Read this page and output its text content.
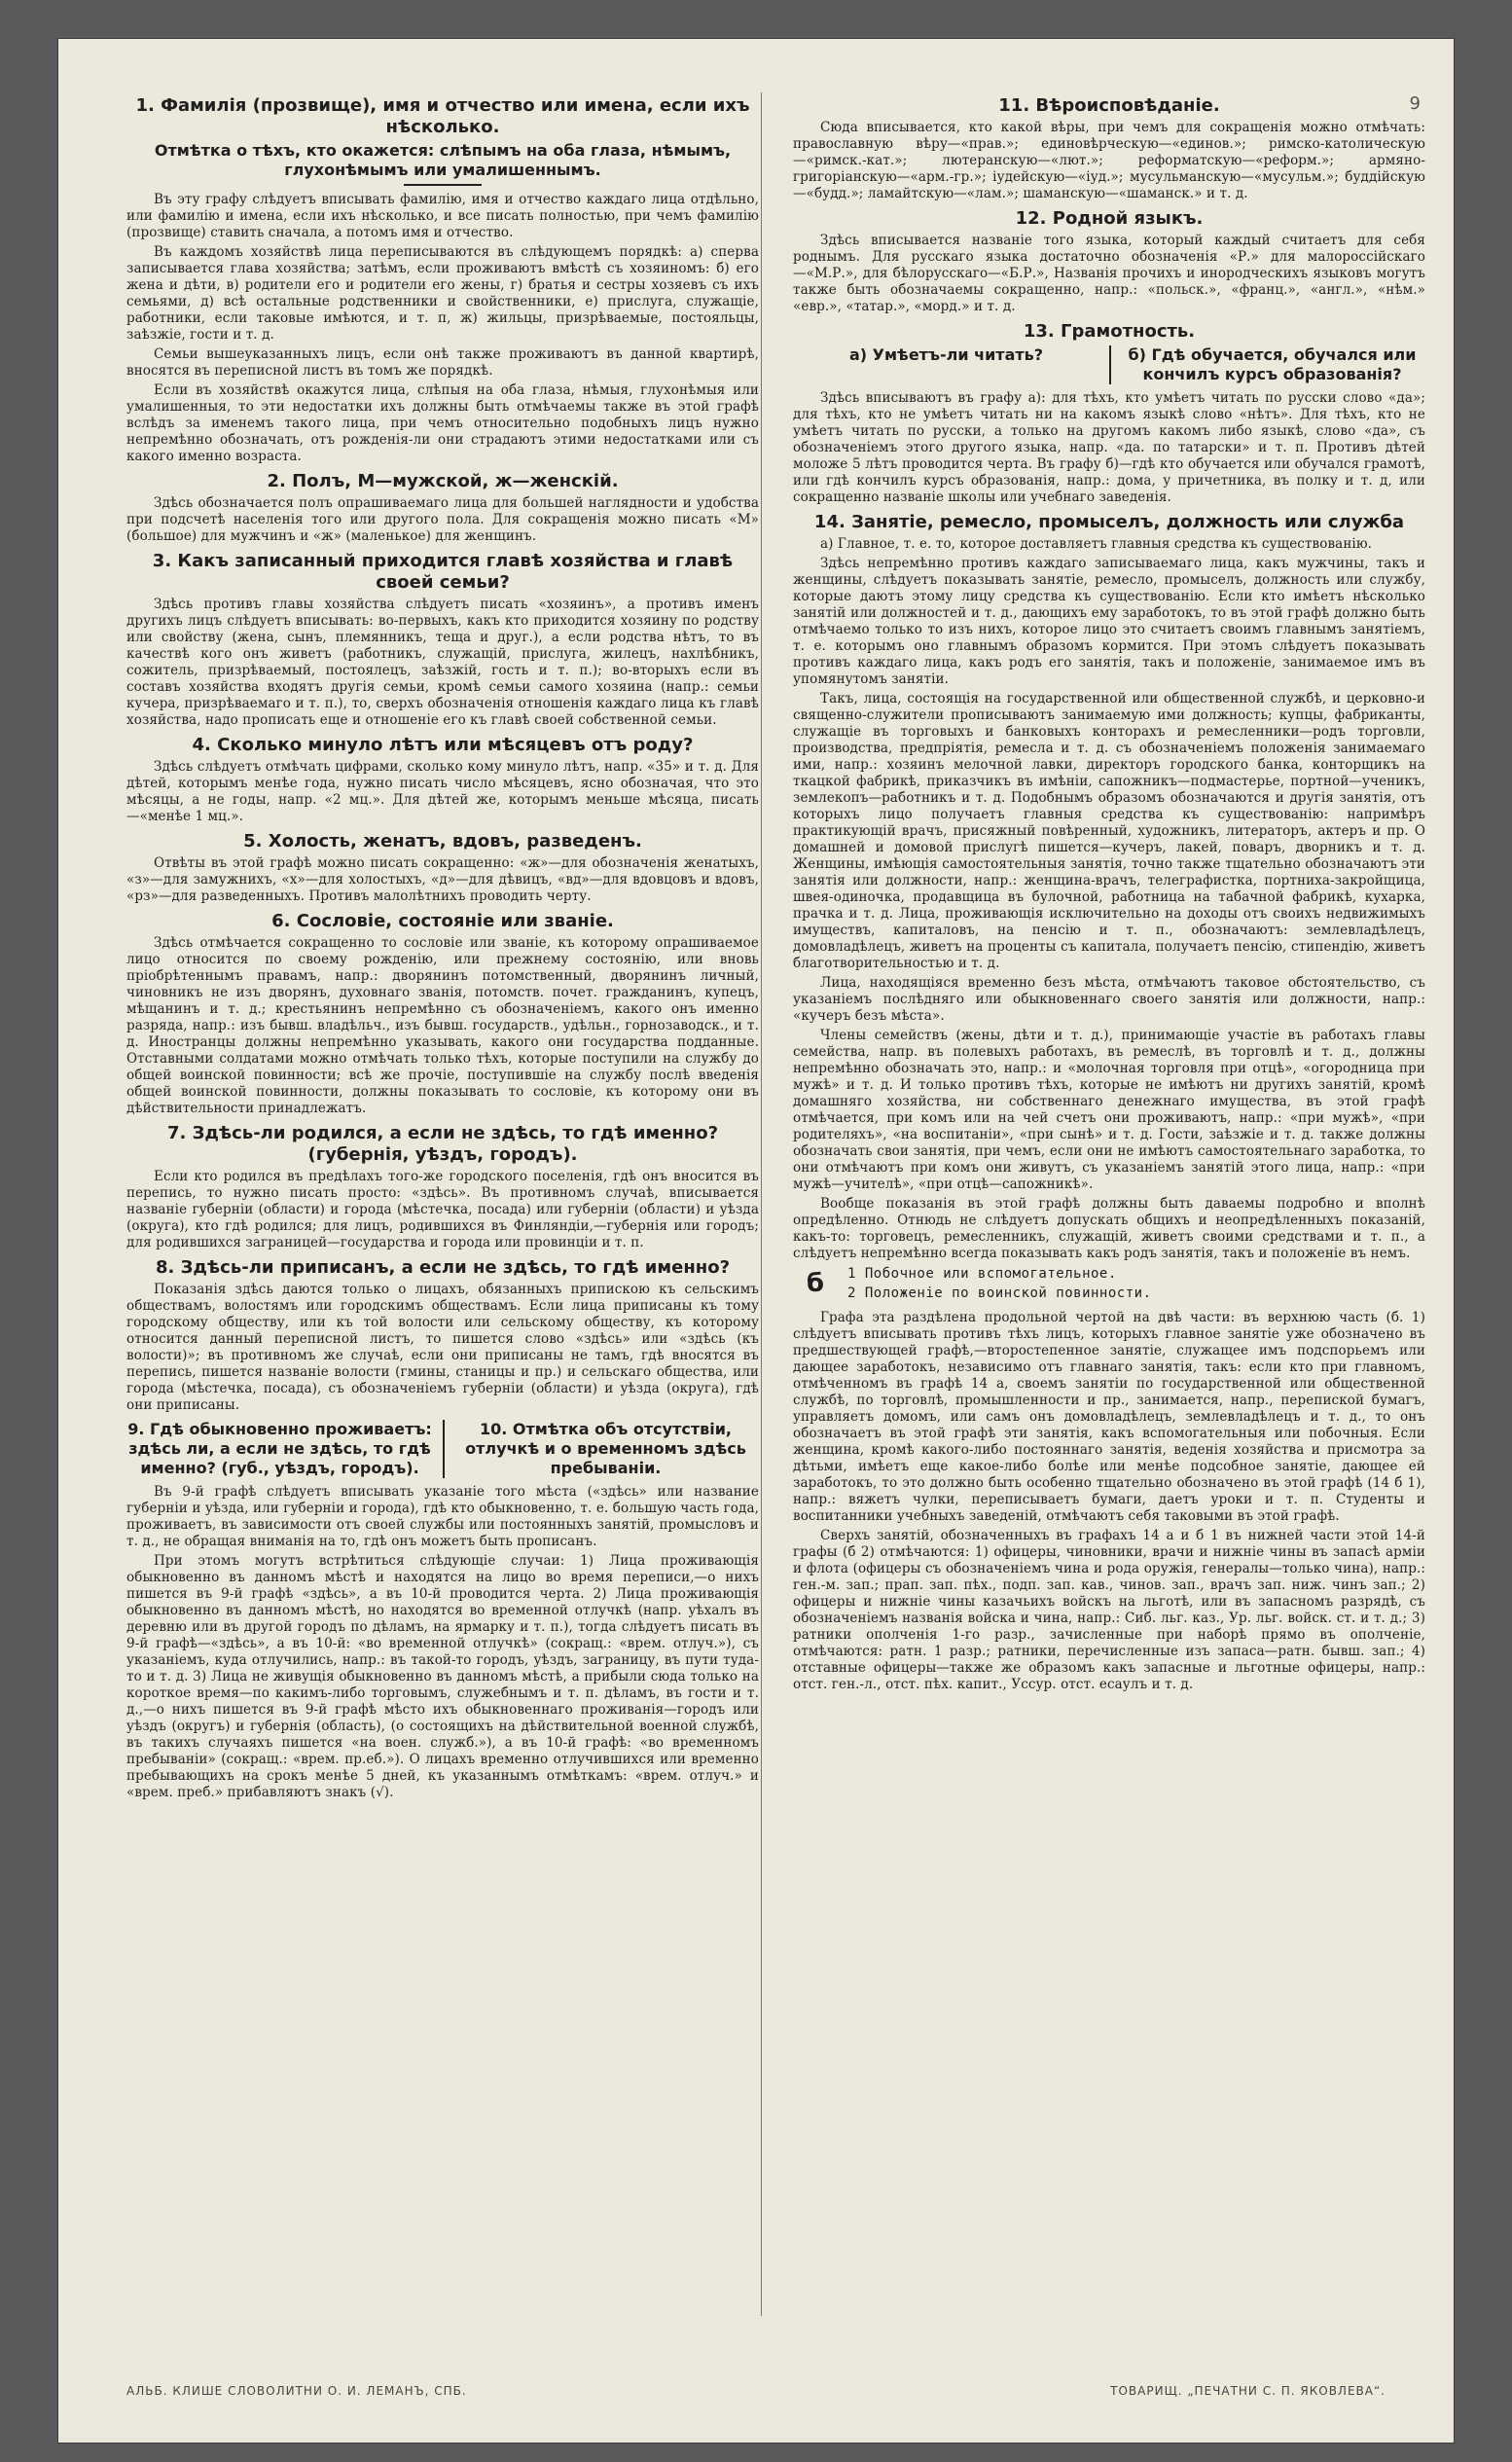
9
1. Фамилія (прозвище), имя и отчество или имена, если ихъ нѣсколько.
Отмѣтка о тѣхъ, кто окажется: слѣпымъ на оба глаза, нѣмымъ, глухонѣмымъ или умалишеннымъ.
Въ эту графу слѣдуетъ вписывать фамилію, имя и отчество каждаго лица отдѣльно, или фамилію и имена, если ихъ нѣсколько, и все писать полностью, при чемъ фамилію (прозвище) ставить сначала, а потомъ имя и отчество.
Въ каждомъ хозяйствѣ лица переписываются въ слѣдующемъ порядкѣ: а) сперва записывается глава хозяйства; затѣмъ, если проживаютъ вмѣстѣ съ хозяиномъ: б) его жена и дѣти, в) родители его и родители его жены, г) братья и сестры хозяевъ съ ихъ семьями, д) всѣ остальные родственники и свойственники, е) прислуга, служащіе, работники, если таковые имѣются, и т. п, ж) жильцы, призрѣваемые, постояльцы, заѣзжіе, гости и т. д.
Семьи вышеуказанныхъ лицъ, если онѣ также проживаютъ въ данной квартирѣ, вносятся въ переписной листъ въ томъ же порядкѣ.
Если въ хозяйствѣ окажутся лица, слѣпыя на оба глаза, нѣмыя, глухонѣмыя или умалишенныя, то эти недостатки ихъ должны быть отмѣчаемы также въ этой графѣ вслѣдъ за именемъ такого лица, при чемъ относительно подобныхъ лицъ нужно непремѣнно обозначать, отъ рожденія-ли они страдаютъ этими недостатками или съ какого именно возраста.
2. Полъ, М—мужской, ж—женскій.
Здѣсь обозначается полъ опрашиваемаго лица для большей наглядности и удобства при подсчетѣ населенія того или другого пола. Для сокращенія можно писать «М» (большое) для мужчинъ и «ж» (маленькое) для женщинъ.
3. Какъ записанный приходится главѣ хозяйства и главѣ своей семьи?
Здѣсь противъ главы хозяйства слѣдуетъ писать «хозяинъ», а противъ именъ другихъ лицъ слѣдуетъ вписывать: во-первыхъ, какъ кто приходится хозяину по родству или свойству (жена, сынъ, племянникъ, теща и друг.), а если родства нѣтъ, то въ качествѣ кого онъ живетъ (работникъ, служащій, прислуга, жилецъ, нахлѣбникъ, сожитель, призрѣваемый, постоялецъ, заѣзжій, гость и т. п.); во-вторыхъ если въ составъ хозяйства входятъ другія семьи, кромѣ семьи самого хозяина (напр.: семьи кучера, призрѣваемаго и т. п.), то, сверхъ обозначенія отношенія каждаго лица къ главѣ хозяйства, надо прописать еще и отношеніе его къ главѣ своей собственной семьи.
4. Сколько минуло лѣтъ или мѣсяцевъ отъ роду?
Здѣсь слѣдуетъ отмѣчать цифрами, сколько кому минуло лѣтъ, напр. «35» и т. д. Для дѣтей, которымъ менѣе года, нужно писать число мѣсяцевъ, ясно обозначая, что это мѣсяцы, а не годы, напр. «2 мц.». Для дѣтей же, которымъ меньше мѣсяца, писать—«менѣе 1 мц.».
5. Холость, женатъ, вдовъ, разведенъ.
Отвѣты въ этой графѣ можно писать сокращенно: «ж»—для обозначенія женатыхъ, «з»—для замужнихъ, «х»—для холостыхъ, «д»—для дѣвицъ, «вд»—для вдовцовъ и вдовъ, «рз»—для разведенныхъ. Противъ малолѣтнихъ проводить черту.
6. Сословіе, состояніе или званіе.
Здѣсь отмѣчается сокращенно то сословіе или званіе, къ которому опрашиваемое лицо относится по своему рожденію, или прежнему состоянію, или вновь пріобрѣтеннымъ правамъ, напр.: дворянинъ потомственный, дворянинъ личный, чиновникъ не изъ дворянъ, духовнаго званія, потомств. почет. гражданинъ, купецъ, мѣщанинъ и т. д.; крестьянинъ непремѣнно съ обозначеніемъ, какого онъ именно разряда, напр.: изъ бывш. владѣльч., изъ бывш. государств., удѣльн., горнозаводск., и т. д. Иностранцы должны непремѣнно указывать, какого они государства подданные. Отставными солдатами можно отмѣчать только тѣхъ, которые поступили на службу до общей воинской повинности; всѣ же прочіе, поступившіе на службу послѣ введенія общей воинской повинности, должны показывать то сословіе, къ которому они въ дѣйствительности принадлежатъ.
7. Здѣсь-ли родился, а если не здѣсь, то гдѣ именно? (губернія, уѣздъ, городъ).
Если кто родился въ предѣлахъ того-же городского поселенія, гдѣ онъ вносится въ перепись, то нужно писать просто: «здѣсь». Въ противномъ случаѣ, вписывается названіе губерніи (области) и города (мѣстечка, посада) или губерніи (области) и уѣзда (округа), кто гдѣ родился; для лицъ, родившихся въ Финляндіи,—губернія или городъ; для родившихся заграницей—государства и города или провинціи и т. п.
8. Здѣсь-ли приписанъ, а если не здѣсь, то гдѣ именно?
Показанія здѣсь даются только о лицахъ, обязанныхъ припискою къ сельскимъ обществамъ, волостямъ или городскимъ обществамъ. Если лица приписаны къ тому городскому обществу, или къ той волости или сельскому обществу, къ которому относится данный переписной листъ, то пишется слово «здѣсь» или «здѣсь (къ волости)»; въ противномъ же случаѣ, если они приписаны не тамъ, гдѣ вносятся въ перепись, пишется названіе волости (гмины, станицы и пр.) и сельскаго общества, или города (мѣстечка, посада), съ обозначеніемъ губерніи (области) и уѣзда (округа), гдѣ они приписаны.
9. Гдѣ обыкновенно проживаетъ: здѣсь ли, а если не здѣсь, то гдѣ именно? (губ., уѣздъ, городъ).
10. Отмѣтка объ отсутствіи, отлучкѣ и о временномъ здѣсь пребываніи.
Въ 9-й графѣ слѣдуетъ вписывать указаніе того мѣста («здѣсь» или название губерніи и уѣзда, или губерніи и города), гдѣ кто обыкновенно, т. е. большую часть года, проживаетъ, въ зависимости отъ своей службы или постоянныхъ занятій, промысловъ и т. д., не обращая вниманія на то, гдѣ онъ можетъ быть прописанъ.
При этомъ могутъ встрѣтиться слѣдующіе случаи: 1) Лица проживающія обыкновенно въ данномъ мѣстѣ и находятся на лицо во время переписи,—о нихъ пишется въ 9-й графѣ «здѣсь», а въ 10-й проводится черта. 2) Лица проживающія обыкновенно въ данномъ мѣстѣ, но находятся во временной отлучкѣ (напр. уѣхалъ въ деревню или въ другой городъ по дѣламъ, на ярмарку и т. п.), тогда слѣдуетъ писать въ 9-й графѣ—«здѣсь», а въ 10-й: «во временной отлучкѣ» (сокращ.: «врем. отлуч.»), съ указаніемъ, куда отлучились, напр.: въ такой-то городъ, уѣздъ, заграницу, въ пути туда-то и т. д. 3) Лица не живущія обыкновенно въ данномъ мѣстѣ, а прибыли сюда только на короткое время—по какимъ-либо торговымъ, служебнымъ и т. п. дѣламъ, въ гости и т. д.,—о нихъ пишется въ 9-й графѣ мѣсто ихъ обыкновеннаго проживанія—городъ или уѣздъ (округъ) и губернія (область), (о состоящихъ на дѣйствительной военной службѣ, въ такихъ случаяхъ пишется «на воен. служб.»), а въ 10-й графѣ: «во временномъ пребываніи» (сокращ.: «врем. пр.еб.»). О лицахъ временно отлучившихся или временно пребывающихъ на срокъ менѣе 5 дней, къ указаннымъ отмѣткамъ: «врем. отлуч.» и «врем. преб.» прибавляютъ знакъ (√).
11. Вѣроисповѣданіе.
Сюда вписывается, кто какой вѣры, при чемъ для сокращенія можно отмѣчать: православную вѣру—«прав.»; единовѣрческую—«единов.»; римско-католическую—«римск.-кат.»; лютеранскую—«лют.»; реформатскую—«реформ.»; армяно-григоріанскую—«арм.-гр.»; іудейскую—«іуд.»; мусульманскую—«мусульм.»; буддійскую—«будд.»; ламайтскую—«лам.»; шаманскую—«шаманск.» и т. д.
12. Родной языкъ.
Здѣсь вписывается названіе того языка, который каждый считаетъ для себя роднымъ. Для русскаго языка достаточно обозначенія «Р.» для малороссійскаго—«М.Р.», для бѣлорусскаго—«Б.Р.», Названія прочихъ и инородческихъ языковъ могутъ также быть обозначаемы сокращенно, напр.: «польск.», «франц.», «англ.», «нѣм.» «евр.», «татар.», «морд.» и т. д.
13. Грамотность.
а) Умѣетъ-ли читать?	б) Гдѣ обучается, обучался или кончилъ курсъ образованія?
Здѣсь вписываютъ въ графу а): для тѣхъ, кто умѣетъ читать по русски слово «да»; для тѣхъ, кто не умѣетъ читать ни на какомъ языкѣ слово «нѣтъ». Для тѣхъ, кто не умѣетъ читать по русски, а только на другомъ какомъ либо языкѣ, слово «да», съ обозначеніемъ этого другого языка, напр. «да. по татарски» и т. п. Противъ дѣтей моложе 5 лѣтъ проводится черта. Въ графу б)—гдѣ кто обучается или обучался грамотѣ, или гдѣ кончилъ курсъ образованія, напр.: дома, у причетника, въ полку и т. д, или сокращенно названіе школы или учебнаго заведенія.
14. Занятіе, ремесло, промыселъ, должность или служба
а) Главное, т. е. то, которое доставляетъ главныя средства къ существованію.
Здѣсь непремѣнно противъ каждаго записываемаго лица, какъ мужчины, такъ и женщины, слѣдуетъ показывать занятіе, ремесло, промыселъ, должность или службу, которые даютъ этому лицу средства къ существованію. Если кто имѣетъ нѣсколько занятій или должностей и т. д., дающихъ ему заработокъ, то въ этой графѣ должно быть отмѣчаемо только то изъ нихъ, которое лицо это считаетъ своимъ главнымъ занятіемъ, т. е. которымъ оно главнымъ образомъ кормится. При этомъ слѣдуетъ показывать противъ каждаго лица, какъ родъ его занятія, такъ и положеніе, занимаемое имъ въ упомянутомъ занятіи.
Такъ, лица, состоящія на государственной или общественной службѣ, и церковно-и священно-служители прописываютъ занимаемую ими должность; купцы, фабриканты, служащіе въ торговыхъ и банковыхъ конторахъ и ремесленники—родъ торговли, производства, предпріятія, ремесла и т. д. съ обозначеніемъ положенія занимаемаго ими, напр.: хозяинъ мелочной лавки, директоръ городского банка, конторщикъ на ткацкой фабрикѣ, приказчикъ въ имѣніи, сапожникъ—подмастерье, портной—ученикъ, землекопъ—работникъ и т. д. Подобнымъ образомъ обозначаются и другія занятія, отъ которыхъ лицо получаетъ главныя средства къ существованію: напримѣръ практикующій врачъ, присяжный повѣренный, художникъ, литераторъ, актеръ и пр. О домашней и домовой прислугѣ пишется—кучеръ, лакей, поваръ, дворникъ и т. д. Женщины, имѣющія самостоятельныя занятія, точно также тщательно обозначаютъ эти занятія или должности, напр.: женщина-врачъ, телеграфистка, портниха-закройщица, швея-одиночка, продавщица въ булочной, работница на табачной фабрикѣ, кухарка, прачка и т. д. Лица, проживающія исключительно на доходы отъ своихъ недвижимыхъ имуществъ, капиталовъ, на пенсію и т. п., обозначаютъ: землевладѣлецъ, домовладѣлецъ, живетъ на проценты съ капитала, получаетъ пенсію, стипендію, живетъ благотворительностью и т. д.
Лица, находящіяся временно безъ мѣста, отмѣчаютъ таковое обстоятельство, съ указаніемъ послѣдняго или обыкновеннаго своего занятія или должности, напр.: «кучеръ безъ мѣста».
Члены семействъ (жены, дѣти и т. д.), принимающіе участіе въ работахъ главы семейства, напр. въ полевыхъ работахъ, въ ремеслѣ, въ торговлѣ и т. д., должны непремѣнно обозначать это, напр.: и «молочная торговля при отцѣ», «огородница при мужѣ» и т. д. И только противъ тѣхъ, которые не имѣютъ ни другихъ занятій, кромѣ домашняго хозяйства, ни собственнаго денежнаго имущества, въ этой графѣ отмѣчается, при комъ или на чей счетъ они проживаютъ, напр.: «при мужѣ», «при родителяхъ», «на воспитаніи», «при сынѣ» и т. д. Гости, заѣзжіе и т. д. также должны обозначать свои занятія, при чемъ, если они не имѣютъ самостоятельнаго заработка, то они отмѣчаютъ при комъ они живутъ, съ указаніемъ занятій этого лица, напр.: «при мужѣ—учителѣ», «при отцѣ—сапожникѣ».
Вообще показанія въ этой графѣ должны быть даваемы подробно и вполнѣ опредѣленно. Отнюдь не слѣдуетъ допускать общихъ и неопредѣленныхъ показаній, какъ-то: торговецъ, ремесленникъ, служащій, живетъ своими средствами и т. п., а слѣдуетъ непремѣнно всегда показывать какъ родъ занятія, такъ и положеніе въ немъ.
б	1 Побочное или вспомогательное.
2 Положеніе по воинской повинности.
Графа эта раздѣлена продольной чертой на двѣ части: въ верхнюю часть (б. 1) слѣдуетъ вписывать противъ тѣхъ лицъ, которыхъ главное занятіе уже обозначено въ предшествующей графѣ,—второстепенное занятіе, служащее имъ подспорьемъ или дающее заработокъ, независимо отъ главнаго занятія, такъ: если кто при главномъ, отмѣченномъ въ графѣ 14 а, своемъ занятіи по государственной или общественной службѣ, по торговлѣ, промышленности и пр., занимается, напр., перепиской бумагъ, управляетъ домомъ, или самъ онъ домовладѣлецъ, землевладѣлецъ и т. д., то онъ обозначаетъ въ этой графѣ эти занятія, какъ вспомогательныя или побочныя. Если женщина, кромѣ какого-либо постояннаго занятія, веденія хозяйства и присмотра за дѣтьми, имѣетъ еще какое-либо болѣе или менѣе подсобное занятіе, дающее ей заработокъ, то это должно быть особенно тщательно обозначено въ этой графѣ (14 б 1), напр.: вяжетъ чулки, переписываетъ бумаги, даетъ уроки и т. п. Студенты и воспитанники учебныхъ заведеній, отмѣчаютъ себя таковыми въ этой графѣ.
Сверхъ занятій, обозначенныхъ въ графахъ 14 а и б 1 въ нижней части этой 14-й графы (б 2) отмѣчаются: 1) офицеры, чиновники, врачи и нижніе чины въ запасѣ арміи и флота (офицеры съ обозначеніемъ чина и рода оружія, генералы—только чина), напр.: ген.-м. зап.; прап. зап. пѣх., подп. зап. кав., чинов. зап., врачъ зап. ниж. чинъ зап.; 2) офицеры и нижніе чины казачьихъ войскъ на льготѣ, или въ запасномъ разрядѣ, съ обозначеніемъ названія войска и чина, напр.: Сиб. льг. каз., Ур. льг. войск. ст. и т. д.; 3) ратники ополченія 1-го разр., зачисленные при наборѣ прямо въ ополченіе, отмѣчаются: ратн. 1 разр.; ратники, перечисленные изъ запаса—ратн. бывш. зап.; 4) отставные офицеры—также же образомъ какъ запасные и льготные офицеры, напр.: отст. ген.-л., отст. пѣх. капит., Уссур. отст. есаулъ и т. д.
АЛЬБ. КЛИШЕ СЛОВОЛИТНИ О. И. ЛЕМАНЪ, СПБ.	ТОВАРИЩ. „ПЕЧАТНИ С. П. ЯКОВЛЕВА“.
